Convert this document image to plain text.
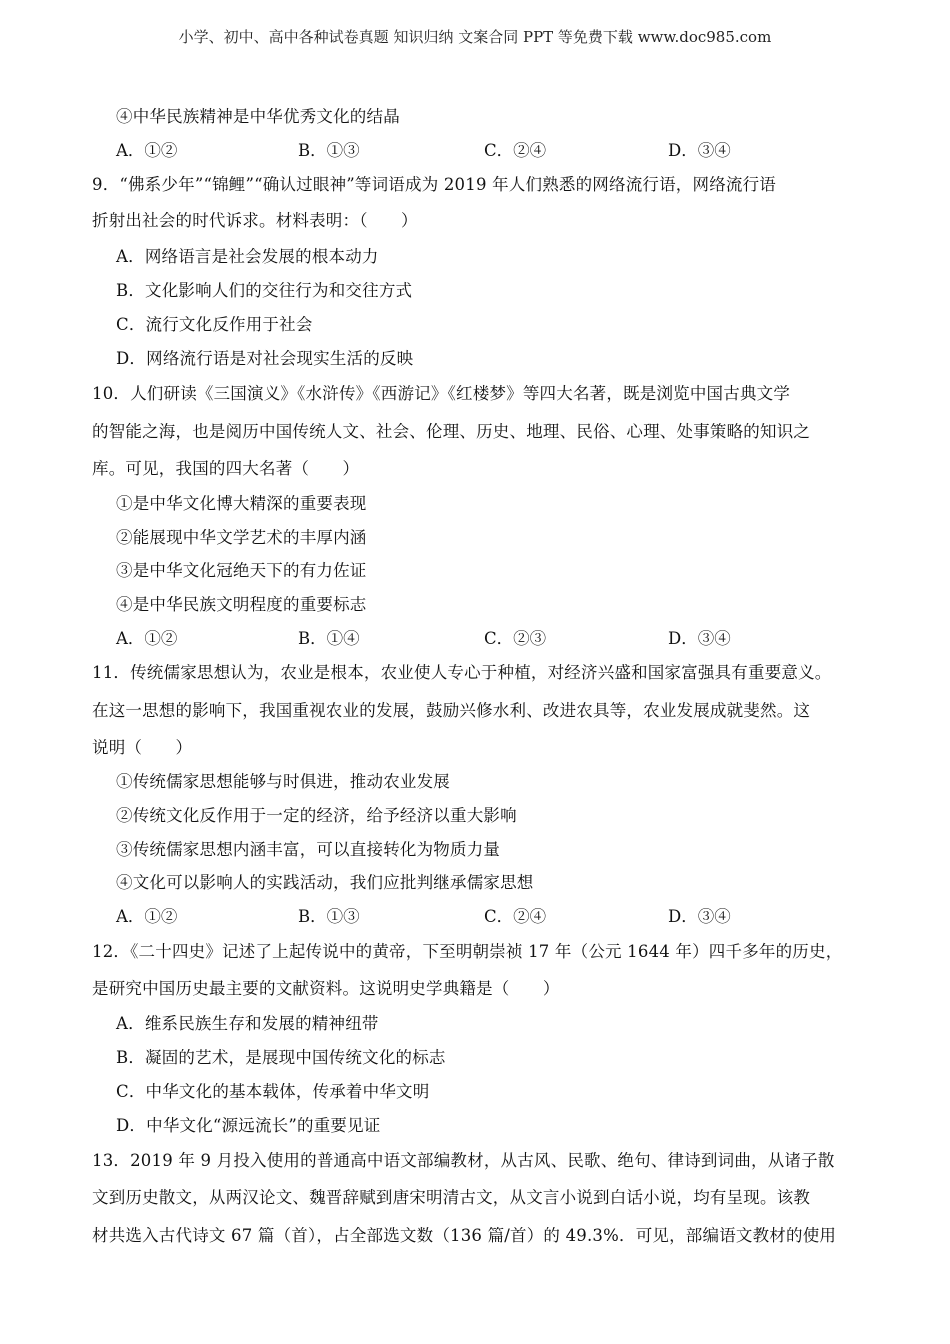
小学、初中、高中各种试卷真题 知识归纳 文案合同 PPT 等免费下载 www.doc985.com
④中华民族精神是中华优秀文化的结晶
A．①②	B．①③	C．②④	D．③④
9．“佛系少年”“锦鲤”“确认过眼神”等词语成为 2019 年人们熟悉的网络流行语，网络流行语
折射出社会的时代诉求。材料表明：（　　）
A．网络语言是社会发展的根本动力
B．文化影响人们的交往行为和交往方式
C．流行文化反作用于社会
D．网络流行语是对社会现实生活的反映
10．人们研读《三国演义》《水浒传》《西游记》《红楼梦》等四大名著，既是浏览中国古典文学
的智能之海，也是阅历中国传统人文、社会、伦理、历史、地理、民俗、心理、处事策略的知识之
库。可见，我国的四大名著（　　）
①是中华文化博大精深的重要表现
②能展现中华文学艺术的丰厚内涵
③是中华文化冠绝天下的有力佐证
④是中华民族文明程度的重要标志
A．①②	B．①④	C．②③	D．③④
11．传统儒家思想认为，农业是根本，农业使人专心于种植，对经济兴盛和国家富强具有重要意义。
在这一思想的影响下，我国重视农业的发展，鼓励兴修水利、改进农具等，农业发展成就斐然。这
说明（　　）
①传统儒家思想能够与时俱进，推动农业发展
②传统文化反作用于一定的经济，给予经济以重大影响
③传统儒家思想内涵丰富，可以直接转化为物质力量
④文化可以影响人的实践活动，我们应批判继承儒家思想
A．①②	B．①③	C．②④	D．③④
12．《二十四史》记述了上起传说中的黄帝，下至明朝崇祯 17 年（公元 1644 年）四千多年的历史，
是研究中国历史最主要的文献资料。这说明史学典籍是（　　）
A．维系民族生存和发展的精神纽带
B．凝固的艺术，是展现中国传统文化的标志
C．中华文化的基本载体，传承着中华文明
D．中华文化“源远流长”的重要见证
13．2019 年 9 月投入使用的普通高中语文部编教材，从古风、民歌、绝句、律诗到词曲，从诸子散
文到历史散文，从两汉论文、魏晋辞赋到唐宋明清古文，从文言小说到白话小说，均有呈现。该教
材共选入古代诗文 67 篇（首），占全部选文数（136 篇/首）的 49.3%．可见，部编语文教材的使用
